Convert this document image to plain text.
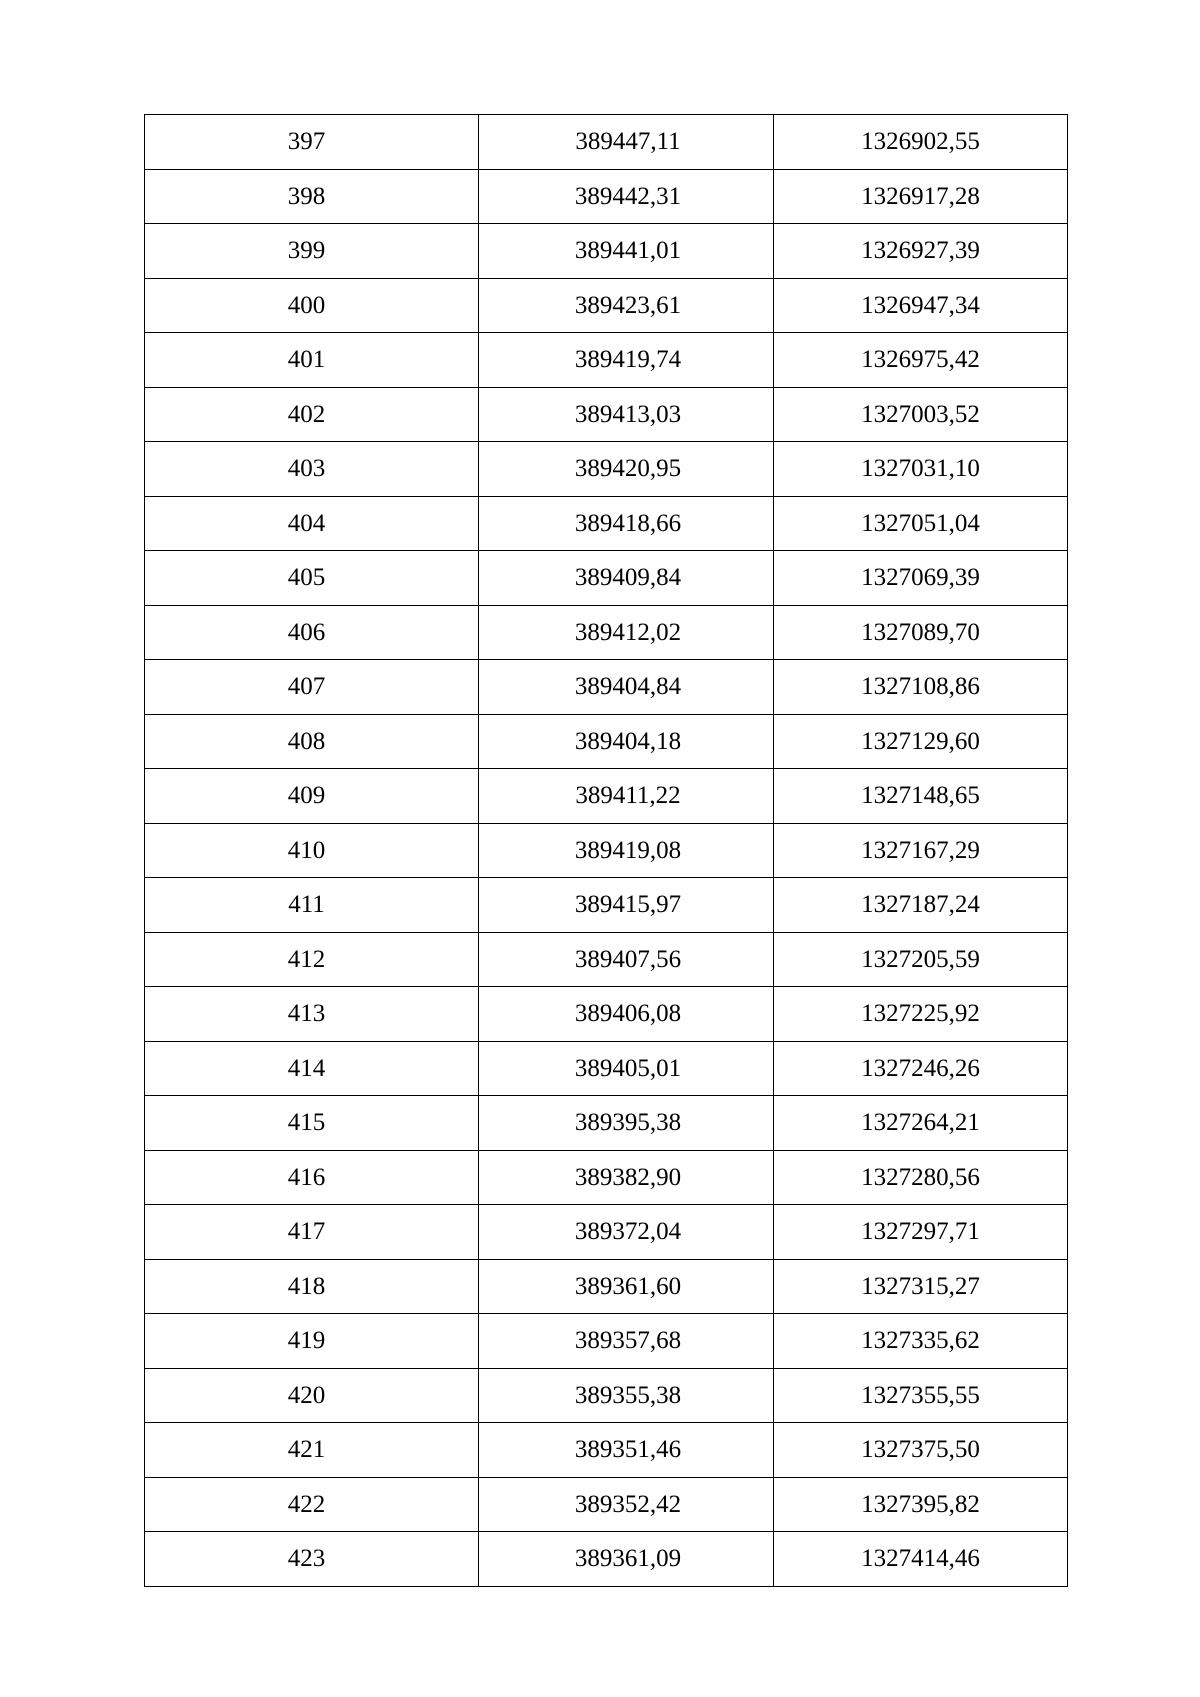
397	389447,11	1326902,55
398	389442,31	1326917,28
399	389441,01	1326927,39
400	389423,61	1326947,34
401	389419,74	1326975,42
402	389413,03	1327003,52
403	389420,95	1327031,10
404	389418,66	1327051,04
405	389409,84	1327069,39
406	389412,02	1327089,70
407	389404,84	1327108,86
408	389404,18	1327129,60
409	389411,22	1327148,65
410	389419,08	1327167,29
411	389415,97	1327187,24
412	389407,56	1327205,59
413	389406,08	1327225,92
414	389405,01	1327246,26
415	389395,38	1327264,21
416	389382,90	1327280,56
417	389372,04	1327297,71
418	389361,60	1327315,27
419	389357,68	1327335,62
420	389355,38	1327355,55
421	389351,46	1327375,50
422	389352,42	1327395,82
423	389361,09	1327414,46
